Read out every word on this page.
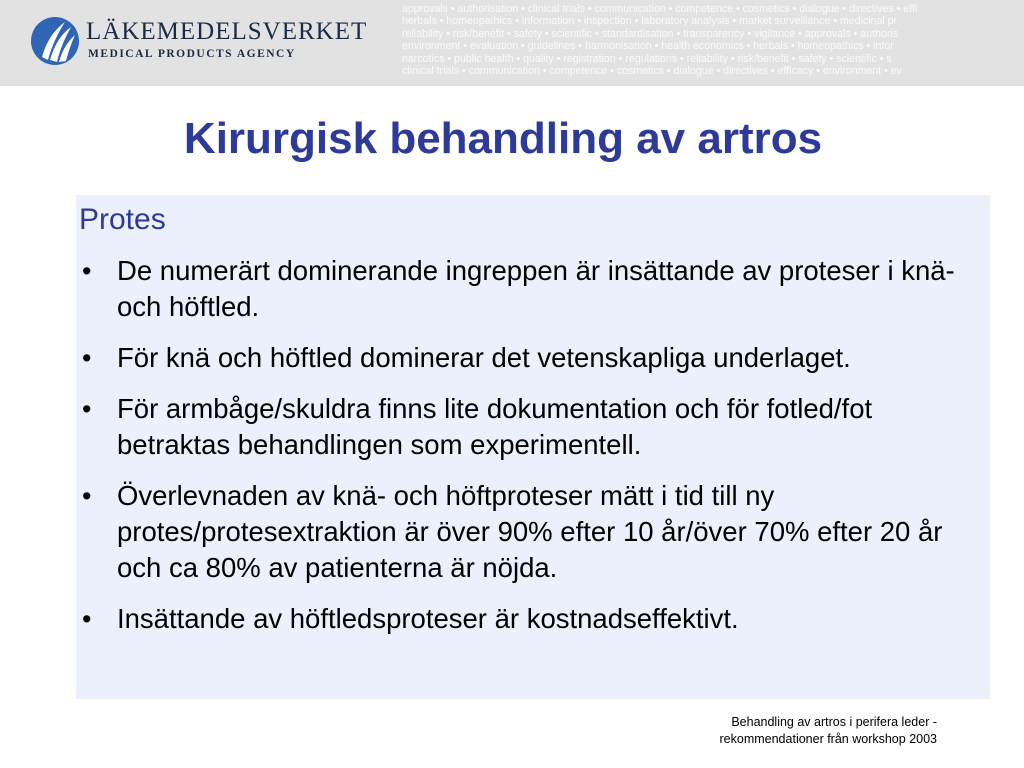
LÄKEMEDELSVERKET
MEDICAL PRODUCTS AGENCY
approvals • authorisation • clinical trials • communication • competence • cosmetics • dialogue • directives • effi
herbals • homeopathics • information • inspection • laboratory analysis • market surveillance • medicinal pr
reliability • risk/benefit • safety • scientific • standardisation • transparency • vigilance • approvals • authoris
environment • evaluation • guidelines • harmonisation • health economics • herbals • homeopathics • infor
narcotics • public health • quality • registration • regulations • reliability • risk/benefit • safety • scientific • s
clinical trials • communication • competence • cosmetics • dialogue • directives • efficacy • environment • ev
Kirurgisk behandling av artros
Protes
• De numerärt dominerande ingreppen är insättande av proteser i knä- och höftled.
• För knä och höftled dominerar det vetenskapliga underlaget.
• För armbåge/skuldra finns lite dokumentation och för fotled/fot betraktas behandlingen som experimentell.
• Överlevnaden av knä- och höftproteser mätt i tid till ny protes/protesextraktion är över 90% efter 10 år/över 70% efter 20 år och ca 80% av patienterna är nöjda.
• Insättande av höftledsproteser är kostnadseffektivt.
Behandling av artros i perifera leder -
rekommendationer från workshop 2003
